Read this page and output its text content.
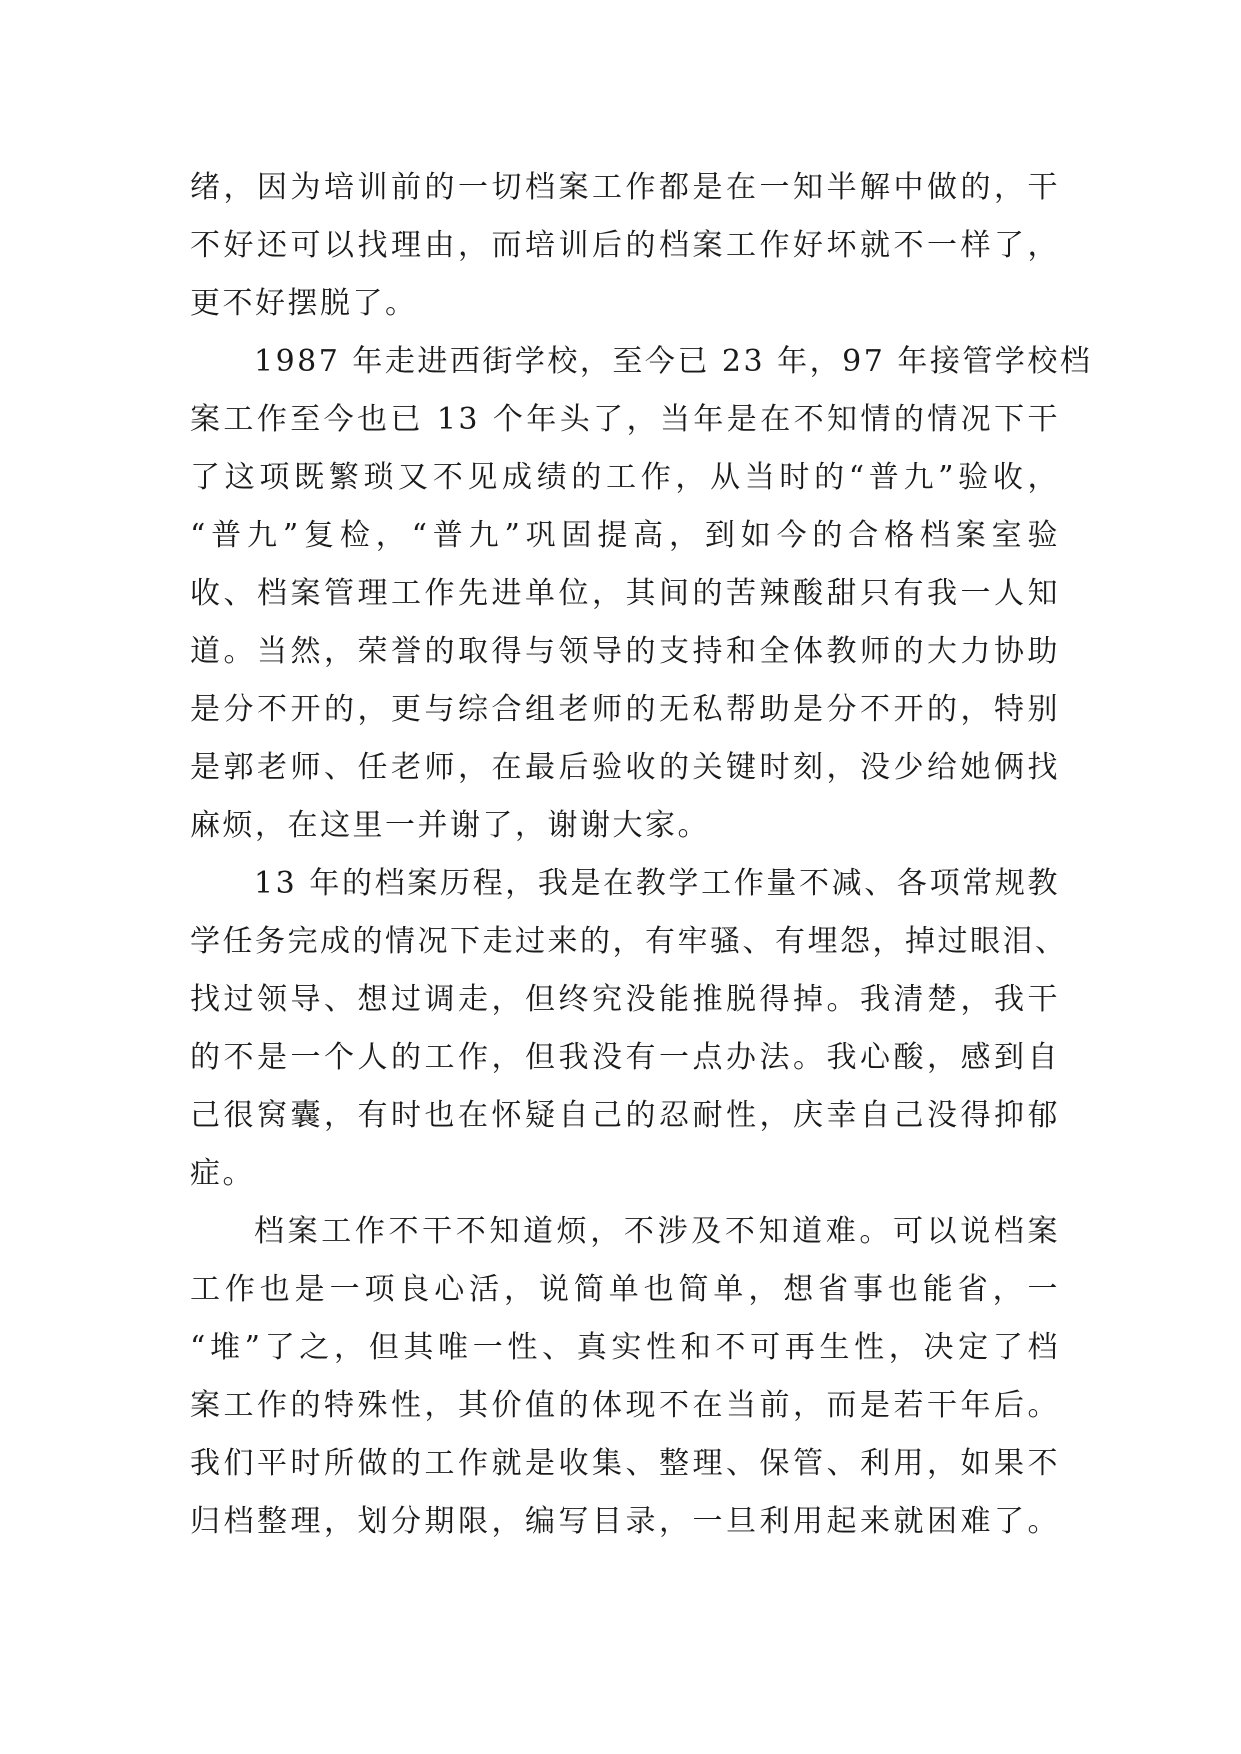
绪，因为培训前的一切档案工作都是在一知半解中做的，干
不好还可以找理由，而培训后的档案工作好坏就不一样了，
更不好摆脱了。
1987 年走进西街学校，至今已 23 年，97 年接管学校档
案工作至今也已 13 个年头了，当年是在不知情的情况下干
了这项既繁琐又不见成绩的工作，从当时的“普九”验收，
“普九”复检，“普九”巩固提高，到如今的合格档案室验
收、档案管理工作先进单位，其间的苦辣酸甜只有我一人知
道。当然，荣誉的取得与领导的支持和全体教师的大力协助
是分不开的，更与综合组老师的无私帮助是分不开的，特别
是郭老师、任老师，在最后验收的关键时刻，没少给她俩找
麻烦，在这里一并谢了，谢谢大家。
13 年的档案历程，我是在教学工作量不减、各项常规教
学任务完成的情况下走过来的，有牢骚、有埋怨，掉过眼泪、
找过领导、想过调走，但终究没能推脱得掉。我清楚，我干
的不是一个人的工作，但我没有一点办法。我心酸，感到自
己很窝囊，有时也在怀疑自己的忍耐性，庆幸自己没得抑郁
症。
档案工作不干不知道烦，不涉及不知道难。可以说档案
工作也是一项良心活，说简单也简单，想省事也能省，一
“堆”了之，但其唯一性、真实性和不可再生性，决定了档
案工作的特殊性，其价值的体现不在当前，而是若干年后。
我们平时所做的工作就是收集、整理、保管、利用，如果不
归档整理，划分期限，编写目录，一旦利用起来就困难了。
